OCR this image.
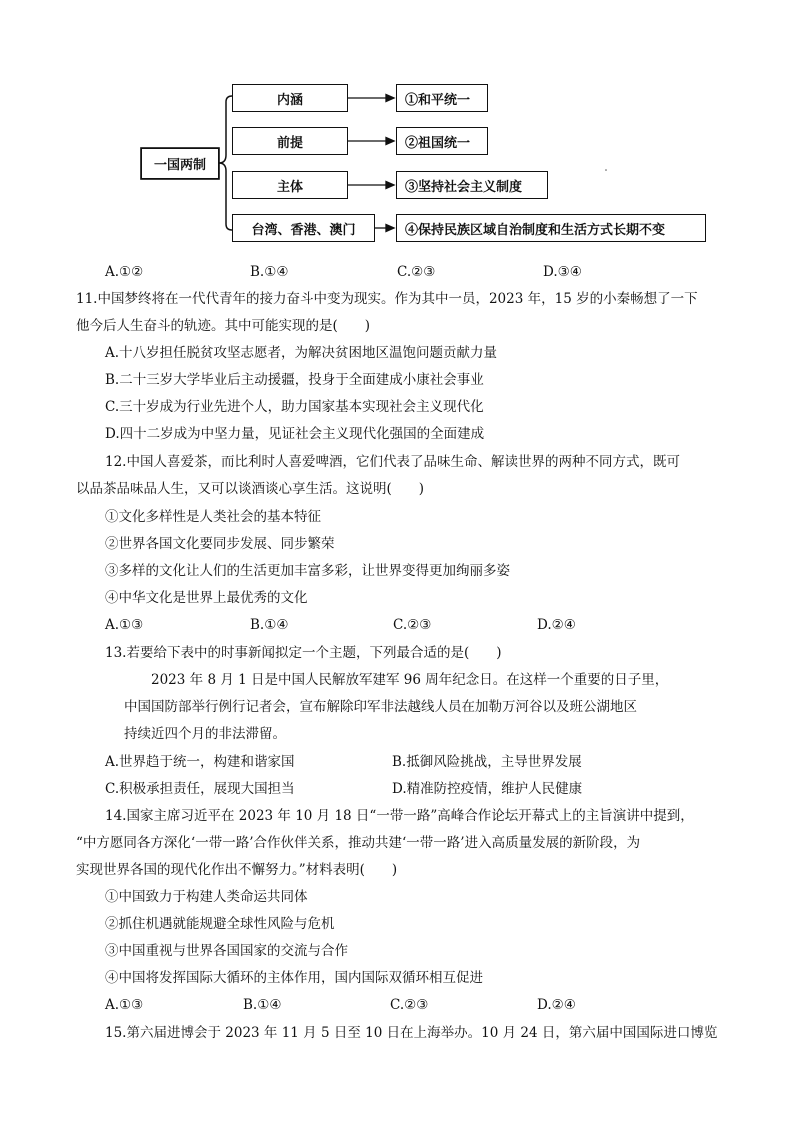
一国两制
内涵
前提
主体
台湾、香港、澳门
①和平统一
②祖国统一
③坚持社会主义制度
④保持民族区域自治制度和生活方式长期不变
A.①②	B.①④	C.②③	D.③④
11.中国梦终将在一代代青年的接力奋斗中变为现实。作为其中一员，2023 年，15 岁的小秦畅想了一下
他今后人生奋斗的轨迹。其中可能实现的是(　　)
A.十八岁担任脱贫攻坚志愿者，为解决贫困地区温饱问题贡献力量
B.二十三岁大学毕业后主动援疆，投身于全面建成小康社会事业
C.三十岁成为行业先进个人，助力国家基本实现社会主义现代化
D.四十二岁成为中坚力量，见证社会主义现代化强国的全面建成
12.中国人喜爱茶，而比利时人喜爱啤酒，它们代表了品味生命、解读世界的两种不同方式，既可
以品茶品味品人生，又可以谈酒谈心享生活。这说明(　　)
①文化多样性是人类社会的基本特征
②世界各国文化要同步发展、同步繁荣
③多样的文化让人们的生活更加丰富多彩，让世界变得更加绚丽多姿
④中华文化是世界上最优秀的文化
A.①③	B.①④	C.②③	D.②④
13.若要给下表中的时事新闻拟定一个主题，下列最合适的是(　　)
2023 年 8 月 1 日是中国人民解放军建军 96 周年纪念日。在这样一个重要的日子里，
中国国防部举行例行记者会，宣布解除印军非法越线人员在加勒万河谷以及班公湖地区
持续近四个月的非法滞留。
A.世界趋于统一，构建和谐家国	B.抵御风险挑战，主导世界发展
C.积极承担责任，展现大国担当	D.精准防控疫情，维护人民健康
14.国家主席习近平在 2023 年 10 月 18 日“一带一路”高峰合作论坛开幕式上的主旨演讲中提到，
“中方愿同各方深化‘一带一路’合作伙伴关系，推动共建‘一带一路’进入高质量发展的新阶段，为
实现世界各国的现代化作出不懈努力。”材料表明(　　)
①中国致力于构建人类命运共同体
②抓住机遇就能规避全球性风险与危机
③中国重视与世界各国国家的交流与合作
④中国将发挥国际大循环的主体作用，国内国际双循环相互促进
A.①③	B.①④	C.②③	D.②④
15.第六届进博会于 2023 年 11 月 5 日至 10 日在上海举办。10 月 24 日，第六届中国国际进口博览
